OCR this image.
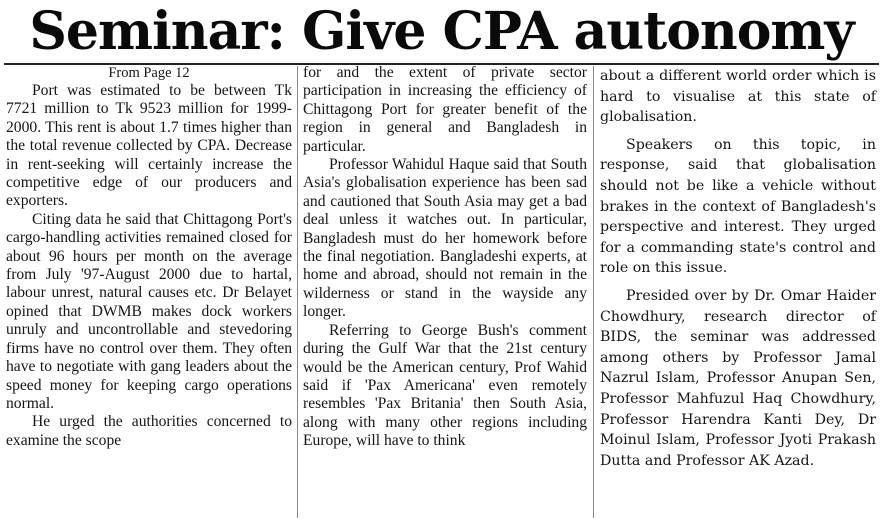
Seminar: Give CPA autonomy

From Page 12

Port was estimated to be between Tk 7721 million to Tk 9523 million for 1999-2000. This rent is about 1.7 times higher than the total revenue collected by CPA. Decrease in rent-seeking will certainly increase the competitive edge of our producers and exporters.

Citing data he said that Chittagong Port's cargo-handling activities remained closed for about 96 hours per month on the average from July '97-August 2000 due to hartal, labour unrest, natural causes etc. Dr Belayet opined that DWMB makes dock workers unruly and uncontrollable and stevedoring firms have no control over them. They often have to negotiate with gang leaders about the speed money for keeping cargo operations normal.

He urged the authorities concerned to examine the scope

for and the extent of private sector participation in increasing the efficiency of Chittagong Port for greater benefit of the region in general and Bangladesh in particular.

Professor Wahidul Haque said that South Asia's globalisation experience has been sad and cautioned that South Asia may get a bad deal unless it watches out. In particular, Bangladesh must do her homework before the final negotiation. Bangladeshi experts, at home and abroad, should not remain in the wilderness or stand in the wayside any longer.

Referring to George Bush's comment during the Gulf War that the 21st century would be the American century, Prof Wahid said if 'Pax Americana' even remotely resembles 'Pax Britania' then South Asia, along with many other regions including Europe, will have to think

about a different world order which is hard to visualise at this state of globalisation.

Speakers on this topic, in response, said that globalisation should not be like a vehicle without brakes in the context of Bangladesh's perspective and interest. They urged for a commanding state's control and role on this issue.

Presided over by Dr. Omar Haider Chowdhury, research director of BIDS, the seminar was addressed among others by Professor Jamal Nazrul Islam, Professor Anupan Sen, Professor Mahfuzul Haq Chowdhury, Professor Harendra Kanti Dey, Dr Moinul Islam, Professor Jyoti Prakash Dutta and Professor AK Azad.
